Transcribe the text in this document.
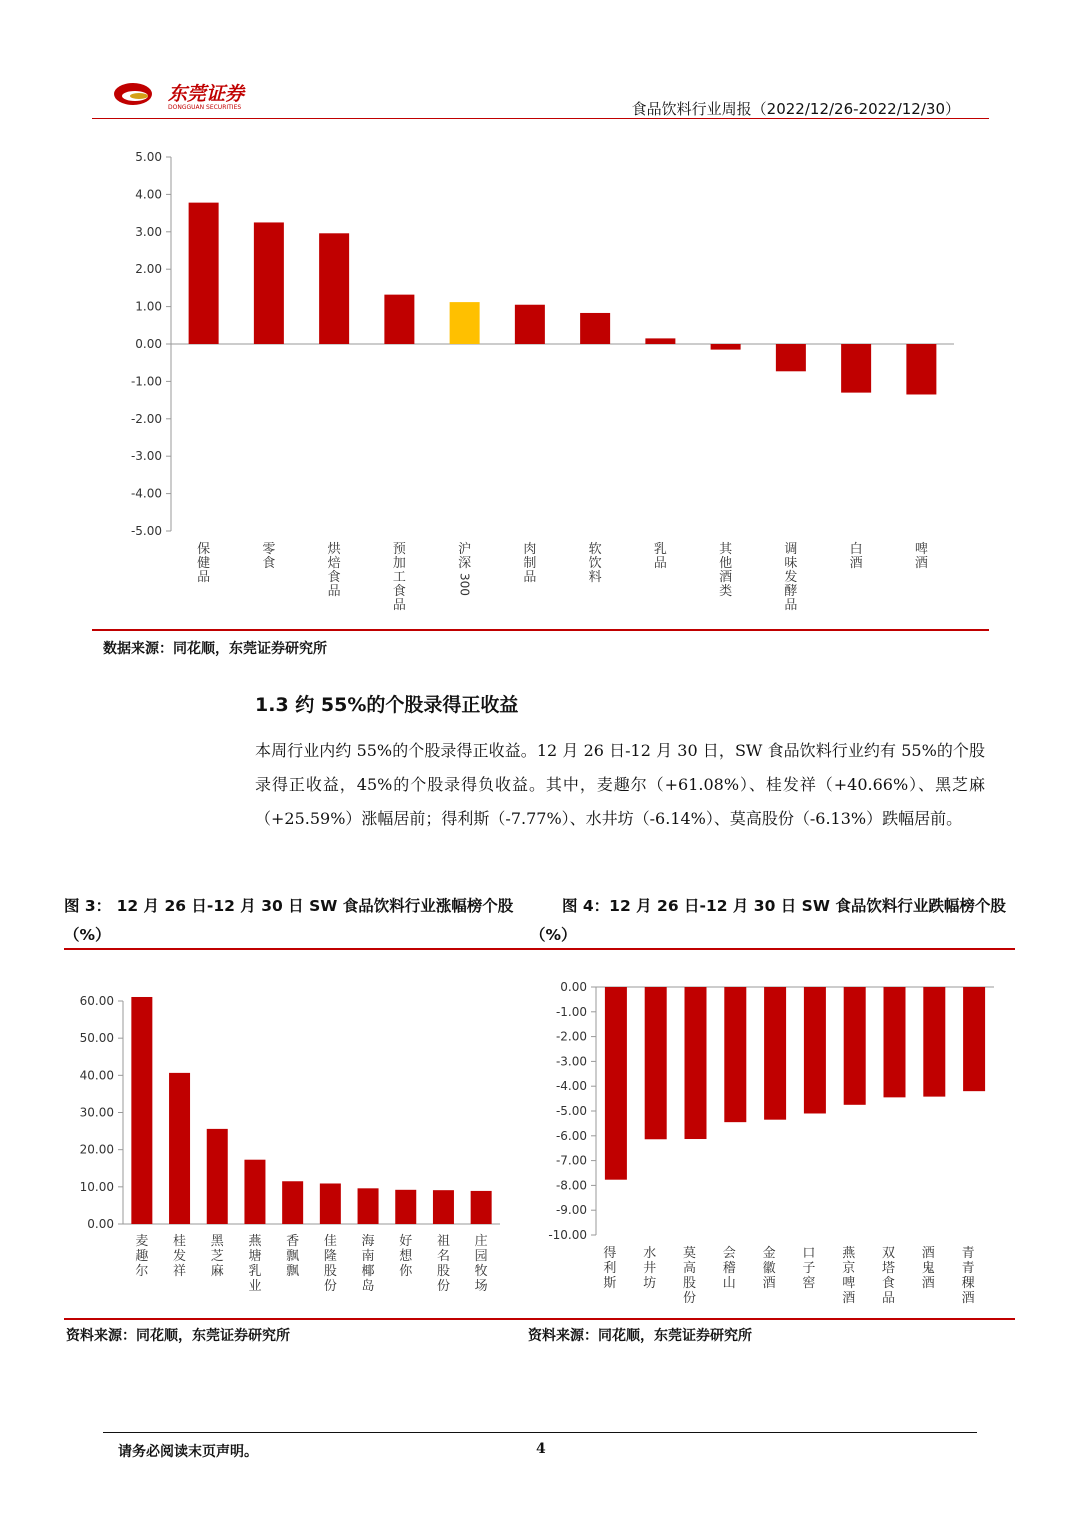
东莞证券
DONGGUAN SECURITIES	食品饮料行业周报（2022/12/26-2022/12/30）
5.00
4.00
3.00
2.00
1.00
0.00
-1.00
-2.00
-3.00
-4.00
-5.00
保健品
零食
烘焙食品
预加工食品
沪深
300
肉制品
软饮料
乳品
其他酒类
调味发酵品
白酒
啤酒
数据来源：同花顺，东莞证券研究所
1.3 约 55%的个股录得正收益
本周行业内约 55%的个股录得正收益。12 月 26 日-12 月 30 日，SW 食品饮料行业约有 55%的个股录得正收益，45%的个股录得负收益。其中，麦趣尔（+61.08%）、桂发祥（+40.66%）、黑芝麻（+25.59%）涨幅居前；得利斯（-7.77%）、水井坊（-6.14%）、莫高股份（-6.13%）跌幅居前。
图 3： 12 月 26 日-12 月 30 日 SW 食品饮料行业涨幅榜个股
（%）
图 4：12 月 26 日-12 月 30 日 SW 食品饮料行业跌幅榜个股
（%）
60.00
50.00
40.00
30.00
20.00
10.00
0.00
麦趣尔
桂发祥
黑芝麻
燕塘乳业
香飘飘
佳隆股份
海南椰岛
好想你
祖名股份
庄园牧场
0.00
-1.00
-2.00
-3.00
-4.00
-5.00
-6.00
-7.00
-8.00
-9.00
-10.00
得利斯
水井坊
莫高股份
会稽山
金徽酒
口子窖
燕京啤酒
双塔食品
酒鬼酒
青青稞酒
资料来源：同花顺，东莞证券研究所	资料来源：同花顺，东莞证券研究所
请务必阅读末页声明。	4
